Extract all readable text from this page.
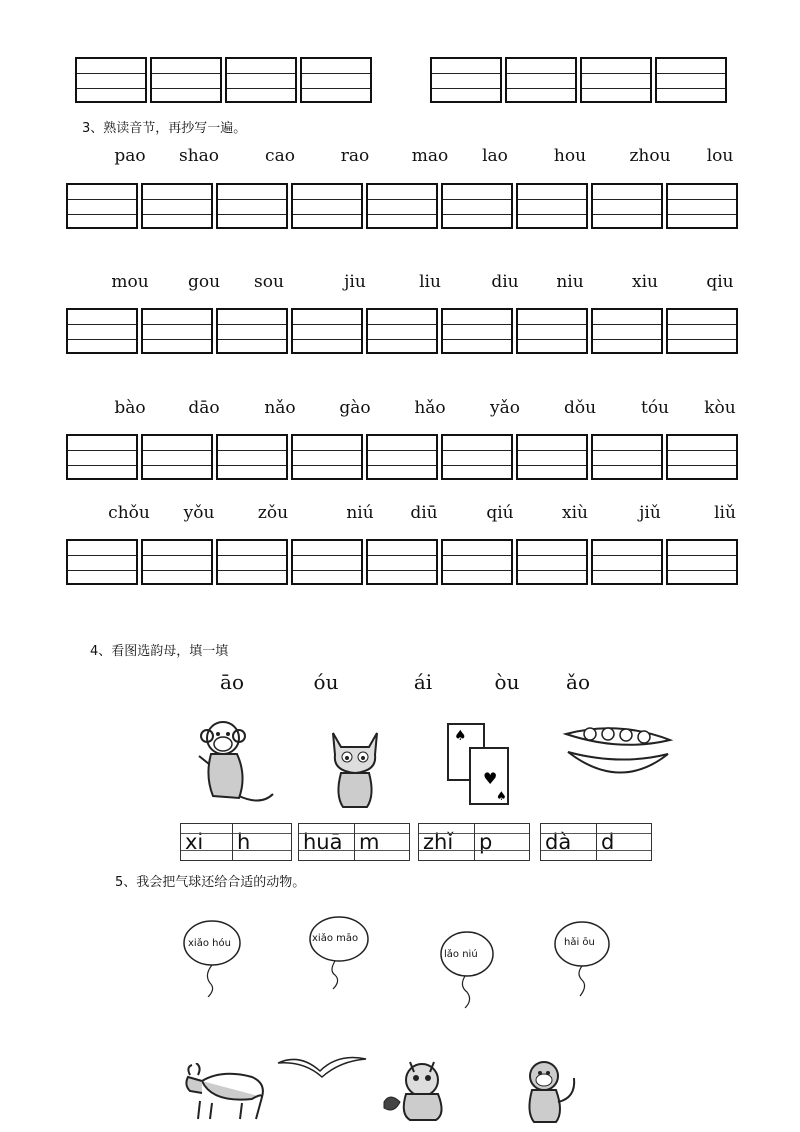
3、熟读音节，再抄写一遍。
pao shao	cao	rao	mao lao	hou	zhou lou
mou gou sou	jiu	liu	diu niu	xiu	qiu
bào	dāo	nǎo	gào	hǎo	yǎo	dǒu	tóu kòu
chǒu yǒu	zǒu	niú diū	qiú	xiù	jiǔ	liǔ
4、看图选韵母，填一填
āo	óu	ái	òu ǎo
♠
♥
♠
xi	h	huā m	zhǐ	p	dà	d
5、我会把气球还给合适的动物。
xiǎo hóu	xiǎo māo
lǎo niú
hǎi ōu
